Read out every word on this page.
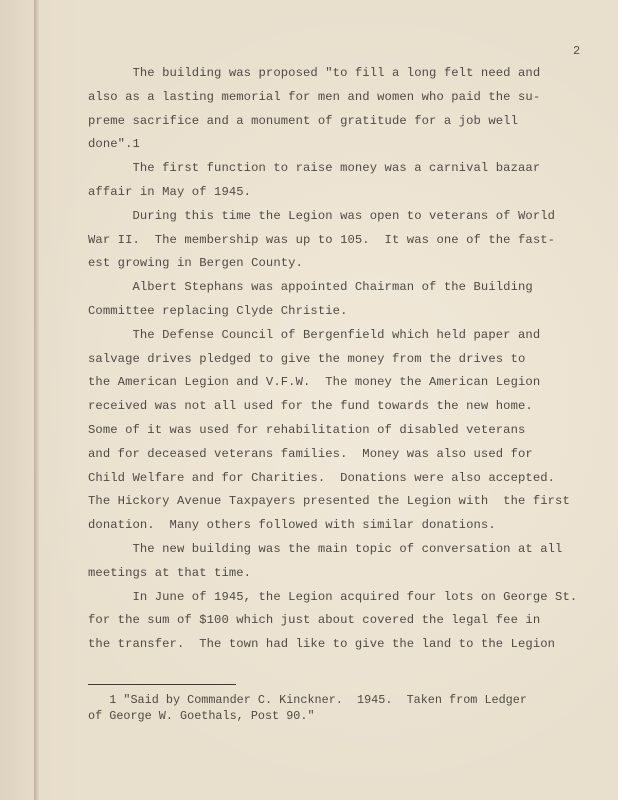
2
The building was proposed "to fill a long felt need and
also as a lasting memorial for men and women who paid the su-
preme sacrifice and a monument of gratitude for a job well
done".1
The first function to raise money was a carnival bazaar
affair in May of 1945.
During this time the Legion was open to veterans of World
War II.  The membership was up to 105.  It was one of the fast-
est growing in Bergen County.
Albert Stephans was appointed Chairman of the Building
Committee replacing Clyde Christie.
The Defense Council of Bergenfield which held paper and
salvage drives pledged to give the money from the drives to
the American Legion and V.F.W.  The money the American Legion
received was not all used for the fund towards the new home.
Some of it was used for rehabilitation of disabled veterans
and for deceased veterans families.  Money was also used for
Child Welfare and for Charities.  Donations were also accepted.
The Hickory Avenue Taxpayers presented the Legion with  the first
donation.  Many others followed with similar donations.
The new building was the main topic of conversation at all
meetings at that time.
In June of 1945, the Legion acquired four lots on George St.
for the sum of $100 which just about covered the legal fee in
the transfer.  The town had like to give the land to the Legion
1 "Said by Commander C. Kinckner.  1945.  Taken from Ledger
of George W. Goethals, Post 90."
